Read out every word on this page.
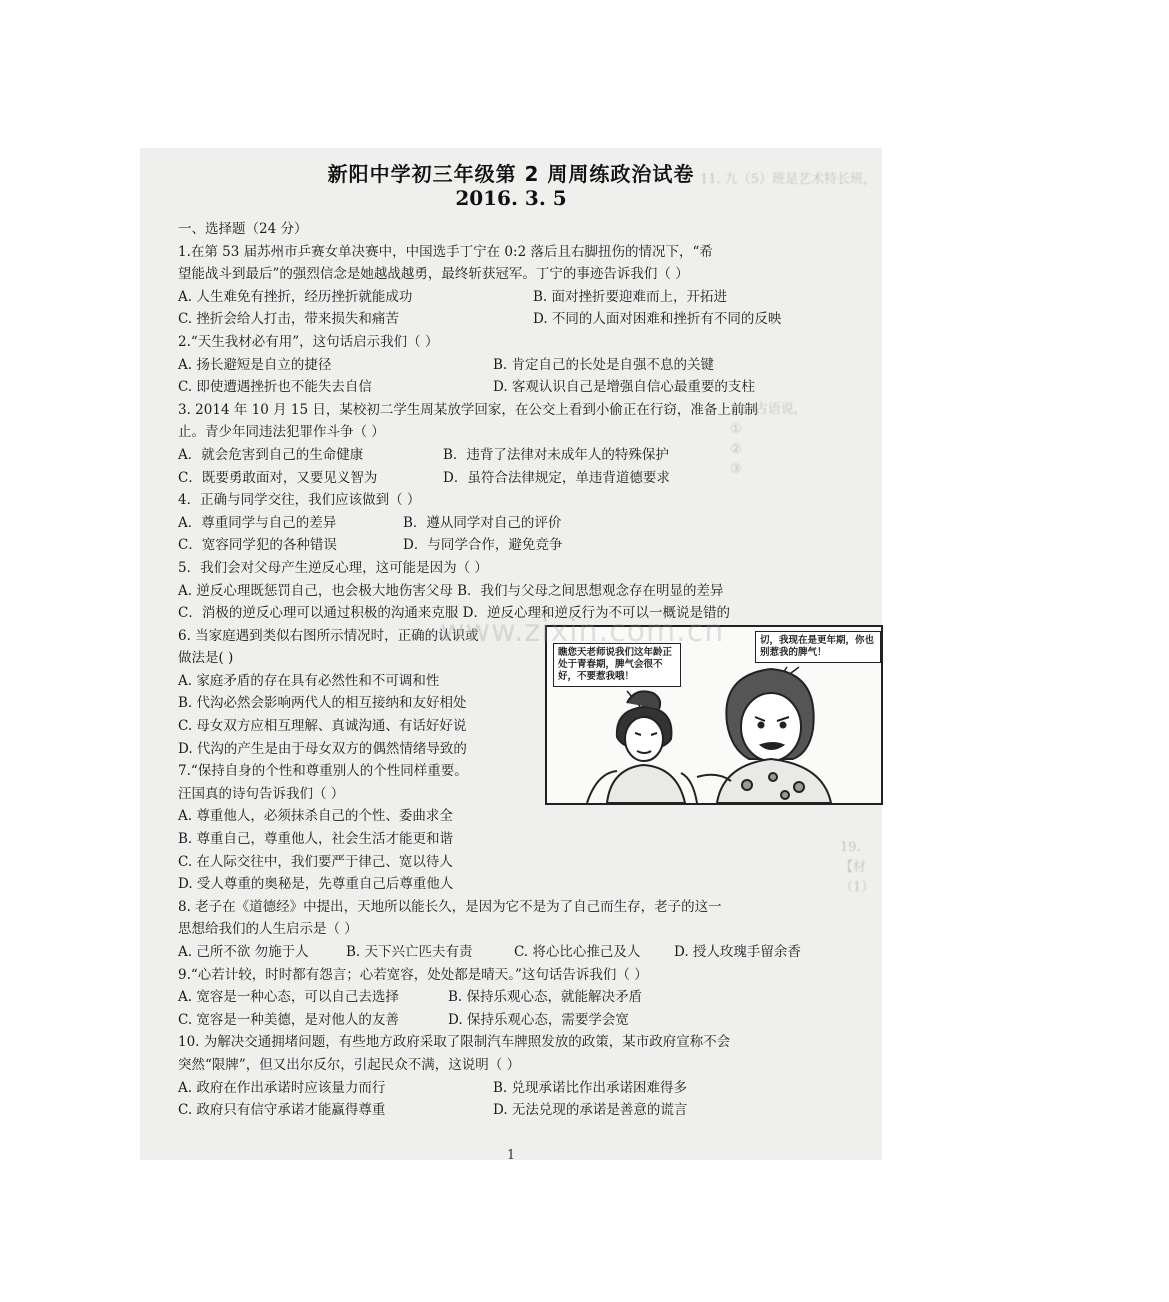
11. 九（5）班是艺术特长班，　　　　　　　　　　　　　　　　　　　　　　　
12. 古语说，　　
①　　　　
②　　　　
③　　　　
19.
【材
（1）
新阳中学初三年级第 2 周周练政治试卷
2016. 3. 5
一、选择题（24 分）
1.在第 53 届苏州市乒赛女单决赛中，中国选手丁宁在 0:2 落后且右脚扭伤的情况下，“希
望能战斗到最后”的强烈信念是她越战越勇，最终斩获冠军。丁宁的事迹告诉我们（ ）
A. 人生难免有挫折，经历挫折就能成功	B. 面对挫折要迎难而上，开拓进
C. 挫折会给人打击，带来损失和痛苦	D. 不同的人面对困难和挫折有不同的反映
2.“天生我材必有用”，这句话启示我们（ ）
A. 扬长避短是自立的捷径	B. 肯定自己的长处是自强不息的关键
C. 即使遭遇挫折也不能失去自信	D. 客观认识自己是增强自信心最重要的支柱
3. 2014 年 10 月 15 日，某校初二学生周某放学回家，在公交上看到小偷正在行窃，准备上前制
止。青少年同违法犯罪作斗争（ ）
A．就会危害到自己的生命健康	B．违背了法律对未成年人的特殊保护
C．既要勇敢面对，又要见义智为	D．虽符合法律规定，单违背道德要求
4．正确与同学交往，我们应该做到（ ）
A．尊重同学与自己的差异	B．遵从同学对自己的评价
C．宽容同学犯的各种错误	D．与同学合作，避免竞争
5．我们会对父母产生逆反心理，这可能是因为（ ）
A. 逆反心理既惩罚自己，也会极大地伤害父母 B．我们与父母之间思想观念存在明显的差异
C．消极的逆反心理可以通过积极的沟通来克服 D．逆反心理和逆反行为不可以一概说是错的
6. 当家庭遇到类似右图所示情况时，正确的认识或
做法是( )
A. 家庭矛盾的存在具有必然性和不可调和性
B. 代沟必然会影响两代人的相互接纳和友好相处
C. 母女双方应相互理解、真诚沟通、有话好好说
D. 代沟的产生是由于母女双方的偶然情绪导致的
7.“保持自身的个性和尊重别人的个性同样重要。
汪国真的诗句告诉我们（ ）
A. 尊重他人，必须抹杀自己的个性、委曲求全
B. 尊重自己，尊重他人，社会生活才能更和谐
C. 在人际交往中，我们要严于律己、宽以待人
D. 受人尊重的奥秘是，先尊重自己后尊重他人
8. 老子在《道德经》中提出，天地所以能长久，是因为它不是为了自己而生存，老子的这一
思想给我们的人生启示是（ ）
A. 己所不欲 勿施于人	B. 天下兴亡匹夫有责	C. 将心比心推己及人	D. 授人玫瑰手留余香
9.“心若计较，时时都有怨言；心若宽容，处处都是晴天。”这句话告诉我们（ ）
A. 宽容是一种心态，可以自己去选择	B. 保持乐观心态，就能解决矛盾
C. 宽容是一种美德，是对他人的友善	D. 保持乐观心态，需要学会宽
10. 为解决交通拥堵问题，有些地方政府采取了限制汽车牌照发放的政策，某市政府宣称不会
突然“限牌”，但又出尔反尔，引起民众不满，这说明（ ）
A. 政府在作出承诺时应该量力而行	B. 兑现承诺比作出承诺困难得多
C. 政府只有信守承诺才能赢得尊重	D. 无法兑现的承诺是善意的谎言
瞧您天老师说我们这年龄正处于青春期，脾气会很不好，不要惹我哦！
切，我现在是更年期，你也别惹我的脾气！
www.zixin.com.cn
1
